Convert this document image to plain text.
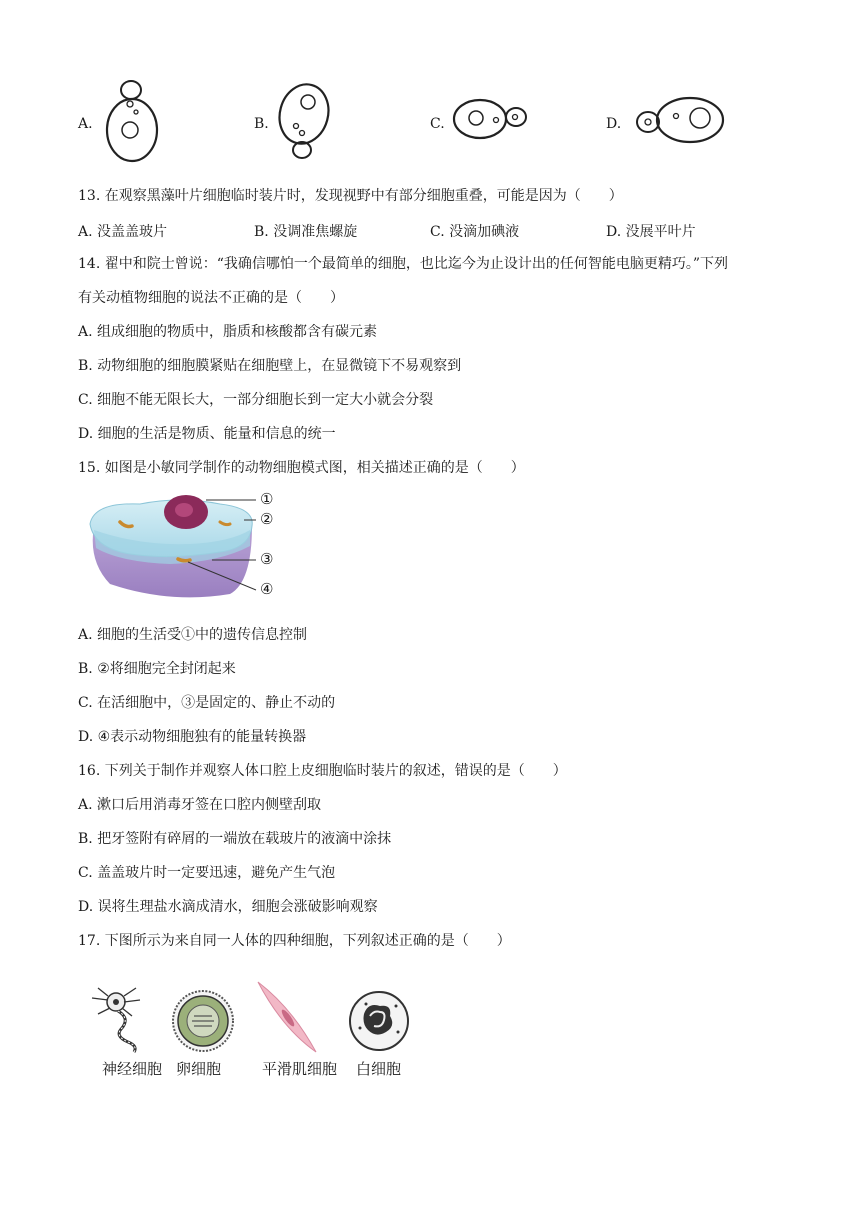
A.	B.	C.	D.
13. 在观察黑藻叶片细胞临时装片时，发现视野中有部分细胞重叠，可能是因为（　　）
A. 没盖盖玻片	B. 没调准焦螺旋	C. 没滴加碘液	D. 没展平叶片
14. 翟中和院士曾说：“我确信哪怕一个最简单的细胞，也比迄今为止设计出的任何智能电脑更精巧。”下列
有关动植物细胞的说法不正确的是（　　）
A. 组成细胞的物质中，脂质和核酸都含有碳元素
B. 动物细胞的细胞膜紧贴在细胞壁上，在显微镜下不易观察到
C. 细胞不能无限长大，一部分细胞长到一定大小就会分裂
D. 细胞的生活是物质、能量和信息的统一
15. 如图是小敏同学制作的动物细胞模式图，相关描述正确的是（　　）
①
②
③
④
A. 细胞的生活受①中的遗传信息控制
B. ②将细胞完全封闭起来
C. 在活细胞中，③是固定的、静止不动的
D. ④表示动物细胞独有的能量转换器
16. 下列关于制作并观察人体口腔上皮细胞临时装片的叙述，错误的是（　　）
A. 漱口后用消毒牙签在口腔内侧壁刮取
B. 把牙签附有碎屑的一端放在载玻片的液滴中涂抹
C. 盖盖玻片时一定要迅速，避免产生气泡
D. 误将生理盐水滴成清水，细胞会涨破影响观察
17. 下图所示为来自同一人体的四种细胞，下列叙述正确的是（　　）
神经细胞 卵细胞	平滑肌细胞 白细胞
